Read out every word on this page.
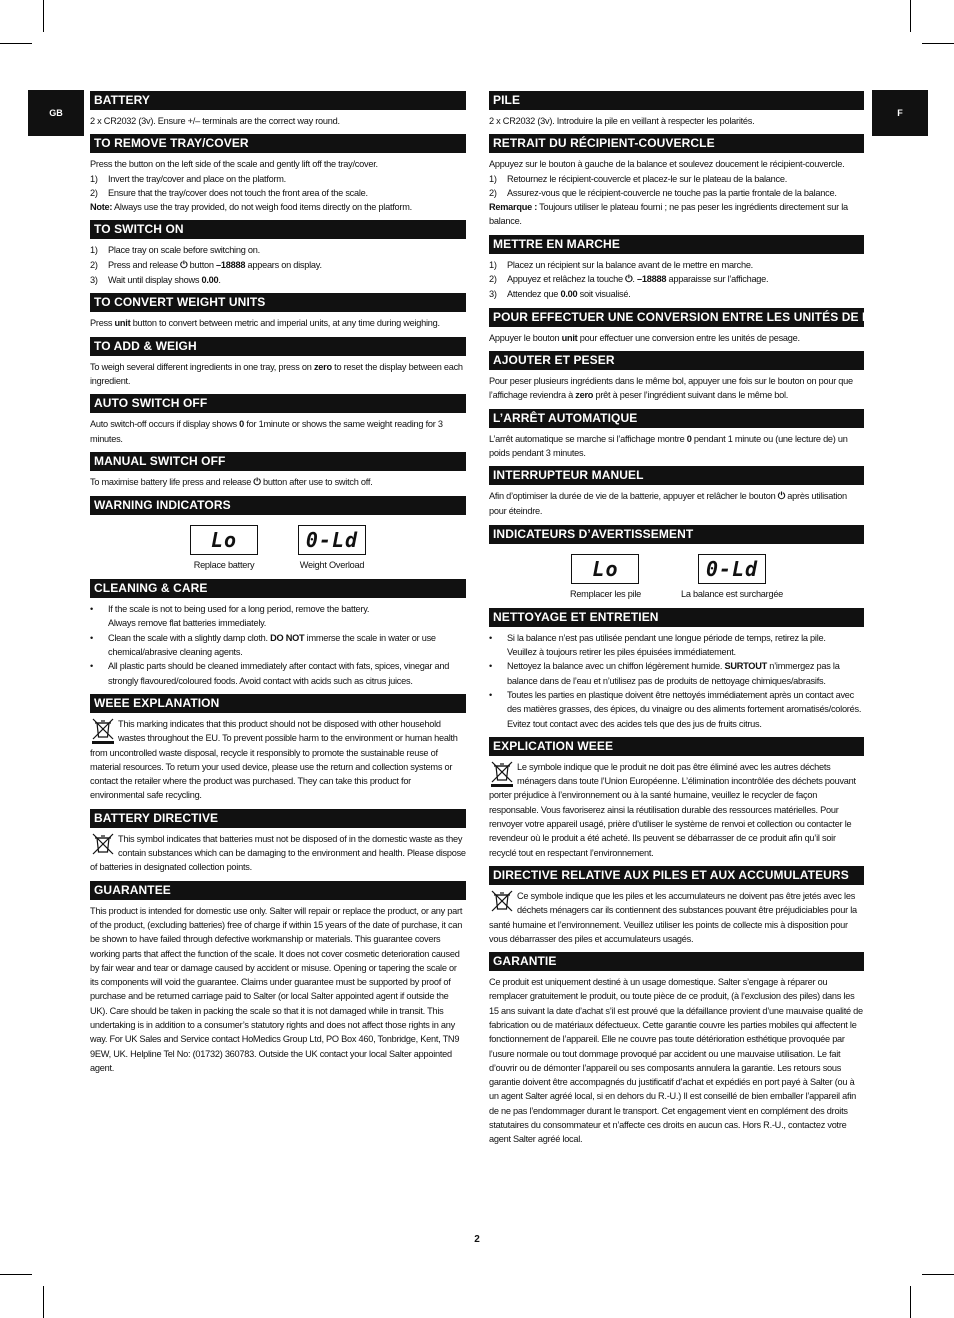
GB	F
BATTERY

2 x CR2032 (3v). Ensure +/– terminals are the correct way round.

TO REMOVE TRAY/COVER

Press the button on the left side of the scale and gently lift off the tray/cover.

1)	Invert the tray/cover and place on the platform.
2)	Ensure that the tray/cover does not touch the front area of the scale.

Note: Always use the tray provided, do not weigh food items directly on the platform.

TO SWITCH ON
1)	Place tray on scale before switching on.
2)	Press and release ⏻ button –18888 appears on display.
3)	Wait until display shows 0.00.
TO CONVERT WEIGHT UNITS

Press unit button to convert between metric and imperial units, at any time during weighing.

TO ADD & WEIGH

To weigh several different ingredients in one tray, press on zero to reset the display between each ingredient.

AUTO SWITCH OFF

Auto switch-off occurs if display shows 0 for 1minute or shows the same weight reading for 3 minutes.

MANUAL SWITCH OFF

To maximise battery life press and release ⏻ button after use to switch off.

WARNING INDICATORS
Lo
Replace battery
0-Ld
Weight Overload
CLEANING & CARE
•	If the scale is not to being used for a long period, remove the battery.
Always remove flat batteries immediately.
•	Clean the scale with a slightly damp cloth. DO NOT immerse the scale in water or use chemical/abrasive cleaning agents.
•	All plastic parts should be cleaned immediately after contact with fats, spices, vinegar and strongly flavoured/coloured foods. Avoid contact with acids such as citrus juices.
WEEE EXPLANATION

This marking indicates that this product should not be disposed with other household wastes throughout the EU. To prevent possible harm to the environment or human health from uncontrolled waste disposal, recycle it responsibly to promote the sustainable reuse of material resources. To return your used device, please use the return and collection systems or contact the retailer where the product was purchased. They can take this product for environmental safe recycling.

BATTERY DIRECTIVE

This symbol indicates that batteries must not be disposed of in the domestic waste as they contain substances which can be damaging to the environment and health. Please dispose of batteries in designated collection points.

GUARANTEE

This product is intended for domestic use only. Salter will repair or replace the product, or any part of the product, (excluding batteries) free of charge if within 15 years of the date of purchase, it can be shown to have failed through defective workmanship or materials. This guarantee covers working parts that affect the function of the scale. It does not cover cosmetic deterioration caused by fair wear and tear or damage caused by accident or misuse. Opening or tapering the scale or its components will void the guarantee. Claims under guarantee must be supported by proof of purchase and be returned carriage paid to Salter (or local Salter appointed agent if outside the UK). Care should be taken in packing the scale so that it is not damaged while in transit. This undertaking is in addition to a consumer’s statutory rights and does not affect those rights in any way. For UK Sales and Service contact HoMedics Group Ltd, PO Box 460, Tonbridge, Kent, TN9 9EW, UK. Helpline Tel No: (01732) 360783. Outside the UK contact your local Salter appointed agent.

PILE

2 x CR2032 (3v). Introduire la pile en veillant à respecter les polarités.

RETRAIT DU RÉCIPIENT-COUVERCLE

Appuyez sur le bouton à gauche de la balance et soulevez doucement le récipient-couvercle.

1)	Retournez le récipient-couvercle et placez-le sur le plateau de la balance.
2)	Assurez-vous que le récipient-couvercle ne touche pas la partie frontale de la balance.

Remarque : Toujours utiliser le plateau fourni ; ne pas peser les ingrédients directement sur la balance.

METTRE EN MARCHE
1)	Placez un récipient sur la balance avant de le mettre en marche.
2)	Appuyez et relâchez la touche ⏻. –18888 apparaisse sur l’affichage.
3)	Attendez que 0.00 soit visualisé.
POUR EFFECTUER UNE CONVERSION ENTRE LES UNITÉS DE PESAGE

Appuyer le bouton unit pour effectuer une conversion entre les unités de pesage.

AJOUTER ET PESER

Pour peser plusieurs ingrédients dans le même bol, appuyer une fois sur le bouton on pour que l’affichage reviendra à zero prêt à peser l’ingrédient suivant dans le même bol.

L’ARRÊT AUTOMATIQUE

L’arrêt automatique se marche si l’affichage montre 0 pendant 1 minute ou (une lecture de) un poids pendant 3 minutes.

INTERRUPTEUR MANUEL

Afin d’optimiser la durée de vie de la batterie, appuyer et relâcher le bouton ⏻ après utilisation pour éteindre.

INDICATEURS D’AVERTISSEMENT
Lo
Remplacer les pile
0-Ld
La balance est surchargée
NETTOYAGE ET ENTRETIEN
•	Si la balance n’est pas utilisée pendant une longue période de temps, retirez la pile.
Veuillez à toujours retirer les piles épuisées immédiatement.
•	Nettoyez la balance avec un chiffon légèrement humide. SURTOUT n’immergez pas la balance dans de l’eau et n’utilisez pas de produits de nettoyage chimiques/abrasifs.
•	Toutes les parties en plastique doivent être nettoyés immédiatement après un contact avec des matières grasses, des épices, du vinaigre ou des aliments fortement aromatisés/colorés. Evitez tout contact avec des acides tels que des jus de fruits citrus.
EXPLICATION WEEE

Le symbole indique que le produit ne doit pas être éliminé avec les autres déchets ménagers dans toute l’Union Européenne. L’élimination incontrôlée des déchets pouvant porter préjudice à l’environnement ou à la santé humaine, veuillez le recycler de façon responsable. Vous favoriserez ainsi la réutilisation durable des ressources matérielles. Pour renvoyer votre appareil usagé, prière d’utiliser le système de renvoi et collection ou contacter le revendeur où le produit a été acheté. Ils peuvent se débarrasser de ce produit afin qu’il soir recyclé tout en respectant l’environnement.

DIRECTIVE RELATIVE AUX PILES ET AUX ACCUMULATEURS

Ce symbole indique que les piles et les accumulateurs ne doivent pas être jetés avec les déchets ménagers car ils contiennent des substances pouvant être préjudiciables pour la santé humaine et l’environnement. Veuillez utiliser les points de collecte mis à disposition pour vous débarrasser des piles et accumulateurs usagés.

GARANTIE

Ce produit est uniquement destiné à un usage domestique. Salter s’engage à réparer ou remplacer gratuitement le produit, ou toute pièce de ce produit, (à l’exclusion des piles) dans les 15 ans suivant la date d’achat s’il est prouvé que la défaillance provient d’une mauvaise qualité de fabrication ou de matériaux défectueux. Cette garantie couvre les parties mobiles qui affectent le fonctionnement de l’appareil. Elle ne couvre pas toute détérioration esthétique provoquée par l’usure normale ou tout dommage provoqué par accident ou une mauvaise utilisation. Le fait d’ouvrir ou de démonter l’appareil ou ses composants annulera la garantie. Les retours sous garantie doivent être accompagnés du justificatif d’achat et expédiés en port payé à Salter (ou à un agent Salter agréé local, si en dehors du R.-U.) Il est conseillé de bien emballer l’appareil afin de ne pas l’endommager durant le transport. Cet engagement vient en complément des droits statutaires du consommateur et n’affecte ces droits en aucun cas. Hors R.-U., contactez votre agent Salter agréé local.

2
